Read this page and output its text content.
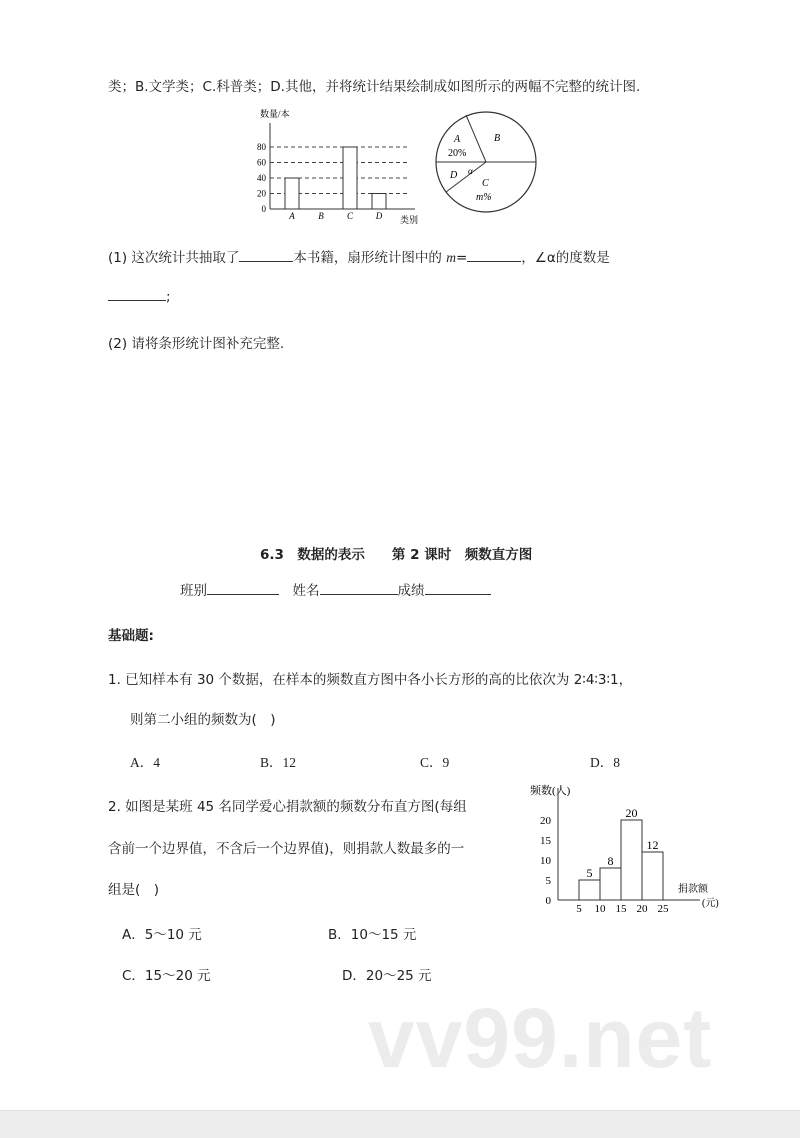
类；B.文学类；C.科普类；D.其他，并将统计结果绘制成如图所示的两幅不完整的统计图.
数量/本
类别
0
20
40
60
80
A	B	C	D
A
20%
B
D α
C
m%
(1) 这次统计共抽取了	本书籍，扇形统计图中的 m=	，∠α的度数是
;
(2) 请将条形统计图补充完整.
6.3　数据的表示　　第 2 课时　频数直方图
班别　	姓名	成绩
基础题:
1. 已知样本有 30 个数据，在样本的频数直方图中各小长方形的高的比依次为 2∶4∶3∶1，
则第二小组的频数为(　)
A．4	B．12	C．9	D．8
2. 如图是某班 45 名同学爱心捐款额的频数分布直方图(每组
含前一个边界值，不含后一个边界值)，则捐款人数最多的一
组是(　)
A．5～10 元	B．10～15 元
C．15～20 元	D．20～25 元
频数(人)
捐款额
(元)
0
5
10
15
20
5 10 15 20 25
5
8
20
12
vv99.net
